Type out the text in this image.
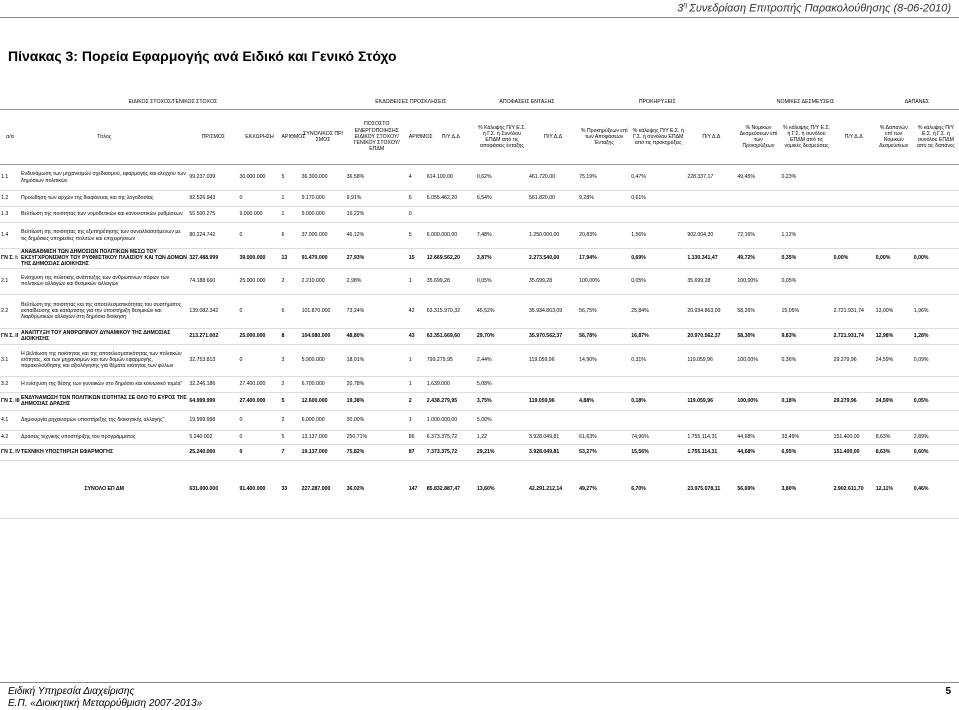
$3^\eta$ Συνεδρίαση Επιτροπής Παρακολούθησης (8-06-2010)
Πίνακας 3: Πορεία Εφαρμογής ανά Ειδικό και Γενικό Στόχο
ΕΙΔΙΚΟΣ ΣΤΟΧΟΣ/ΓΕΝΙΚΟΣ ΣΤΟΧΟΣ						ΕΚΔΟΘΕΙΣΕΣ ΠΡΟΣΚΛΗΣΕΙΣ			ΑΠΟΦΑΣΕΙΣ ΕΝΤΑΞΗΣ		ΠΡΟΚΗΡΥΞΕΙΣ			ΝΟΜΙΚΕΣ ΔΕΣΜΕΥΣΕΙΣ			ΔΑΠΑΝΕΣ	
α/α	Τίτλος	ΠΡ/ΣΜΟΣ	ΕΚΧΩΡΗΣΗ	ΑΡΙΘΜΟΣ	ΣΥΝΟΛΙΚΟΣ ΠΡ/ΣΜΟΣ	ΠΟΣΟΣΤΟ ΕΝΕΡΓΟΠΟΙΗΣΗΣ ΕΙΔΙΚΟΥ ΣΤΟΧΟΥ/ΓΕΝΙΚΟΥ ΣΤΟΧΟΥ/ΕΠΔΜ	ΑΡΙΘΜΟΣ	Π/Υ Δ.Δ	% Κάλυψης Π/Υ Ε.Σ. ή Γ.Σ. ή Συνόλου ΕΠΔΜ από τις αποφάσεις ένταξης	Π/Υ Δ.Δ	% Προκηρύξεων επί των Αποφάσεων Ένταξης	% κάλυψης Π/Υ Ε.Σ. ή Γ.Σ. ή συνόλου ΕΠΔΜ από τις προκηρύξεις	Π/Υ Δ.Δ	% Νομικών Δεσμεύσεων επί των Προκηρύξεων	% κάλυψης Π/Υ Ε.Σ. ή Γ.Σ. ή συνόλου ΕΠΔΜ από τις νομικές δεσμεύσεις	Π/Υ Δ.Δ	% Δαπανών επί των Νομικών Δεσμεύσεων	% κάλυψης Π/Υ Ε.Σ. ή Γ.Σ. ή συνόλου ΕΠΔΜ από τις δαπάνες
1.1	Ενδυνάμωση των μηχανισμών σχεδιασμού, εφαρμογής και ελέγχου των δημόσιων πολιτικών	99.237.039	30.000.000	5	36.300.000	36,58%	4	614.100,00	0,62%	461.720,00	75,19%	0,47%	228.337,17	49,45%	0,23%			
1.2	Προώθηση των αρχών της διαφάνειας και της λογοδοσίας	92.526.943	0	1	9.170.000	9,91%	6	6.055.462,20	6,54%	561.820,00	9,28%	0,61%						
1.3	Βελτίωση της ποιότητας των νομοθετικών και κανονιστικών ρυθμίσεων	55.500.275	9.000.000	1	9.000.000	16,22%	0											
1.4	Βελτίωση της ποιότητας της εξυπηρέτησης των συναλλασσόμενων με τις δημόσιες υπηρεσίες πολιτών και επιχειρήσεων	80.224.742	0	6	37.000.000	46,12%	5	6.000.000,00	7,48%	1.250.000,00	20,83%	1,56%	902.004,30	72,16%	1,12%			
ΓΝ Σ. Ι:	ΑΝΑΒΑΘΜΙΣΗ ΤΩΝ ΔΗΜΟΣΙΩΝ ΠΟΛΙΤΙΚΩΝ ΜΕΣΩ ΤΟΥ ΕΚΣΥΓΧΡΟΝΙΣΜΟΥ ΤΟΥ ΡΥΘΜΙΣΤΙΚΟΥ ΠΛΑΙΣΙΟΥ ΚΑΙ ΤΩΝ ΔΟΜΩΝ ΤΗΣ ΔΗΜΟΣΙΑΣ ΔΙΟΙΚΗΣΗΣ	327.488.999	39.000.000	13	91.470.000	27,93%	15	12.669.562,20	3,87%	2.273.540,00	17,94%	0,69%	1.130.341,47	49,72%	0,35%	0,00%	0,00%	0,00%
2.1	Ενίσχυση της πολιτικής ανάπτυξης των ανθρώπινων πόρων των πολιτικών αλλαγών και θεσμικών αλλαγών	74.188.660	25.000.000	2	2.210.000	2,98%	1	35.699,28	0,05%	35.699,28	100,00%	0,05%	35.699,28	100,00%	0,05%			
2.2	Βελτίωση της ποιότητας και της αποτελεσματικότητας του συστήματος εκπαίδευσης και κατάρτισης για την υποστήριξη θεσμικών και διαρθρωτικών αλλαγών στη δημόσια διοίκηση	139.082.342	0	6	101.870.000	73,24%	42	63.315.970,32	45,52%	35.934.863,09	56,75%	25,84%	20.934.863,09	58,26%	15,05%	2.721.931,74	13,00%	1,96%
ΓΝ Σ. ΙΙ	ΑΝΑΠΤΥΞΗ ΤΟΥ ΑΝΘΡΩΠΙΝΟΥ ΔΥΝΑΜΙΚΟΥ ΤΗΣ ΔΗΜΟΣΙΑΣ ΔΙΟΙΚΗΣΗΣ	213.271.002	25.000.000	8	104.080.000	48,80%	43	63.351.669,60	29,70%	35.970.562,37	56,78%	16,87%	20.970.562,37	58,30%	9,83%	2.721.931,74	12,98%	1,28%
3.1	Η βελτίωση της ποιότητας και της αποτελεσματικότητας των πολιτικών ισότητας, και των μηχανισμών και των δομών εφαρμογής, παρακολούθησης και αξιολόγησης για θέματα ισότητας των φύλων	32.753.813	0	3	5.900.000	18,01%	1	799.279,95	2,44%	119.059,96	14,90%	0,31%	119.059,96	100,00%	0,36%	29.279,96	24,59%	0,09%
3.2	Η ενίσχυση της θέσης των γυναικών στο δημόσιο και κοινωνικό τομέα"	32.246.186	27.400.000	2	6.700.000	20,78%	1	1.639.000	5,08%									
ΓΝ Σ. ΙΙΙ	ΕΝΔΥΝΑΜΩΣΗ ΤΩΝ ΠΟΛΙΤΙΚΩΝ ΙΣΟΤΗΤΑΣ ΣΕ ΟΛΟ ΤΟ ΕΥΡΟΣ ΤΗΣ ΔΗΜΟΣΙΑΣ ΔΡΑΣΗΣ	64.999.999	27.400.000	5	12.600.000	19,38%	2	2.438.279,95	3,75%	119.059,96	4,88%	0,18%	119.059,96	100,00%	0,18%	29.279,96	24,59%	0,05%
4.1	Δημιουργία μηχανισμών υποστήριξης της διοικητικής αλλαγής"	19.999.998	0	2	6.000.000	30,00%	1	1.000.000,00	5,00%									
4.2	Δράσεις τεχνικής υποστήριξης του προγράμματος	5.240.002	0	5	13.137.000	250,71%	86	6.373.375,72	1,22	3.928.049,81	61,63%	74,96%	1.755.114,31	44,68%	33,49%	151.400,00	8,63%	2,89%
ΓΝ Σ. ΙV	ΤΕΧΝΙΚΗ ΥΠΟΣΤΗΡΙΞΗ ΕΦΑΡΜΟΓΗΣ	25.240.000	0	7	19.137.000	75,82%	87	7.373.375,72	29,21%	3.928.049,81	53,27%	15,56%	1.755.114,31	44,68%	6,95%	151.400,00	8,63%	0,60%
	ΣΥΝΟΛΟ ΕΠ ΔΜ	631.000.000	91.400.000	33	227.287.000	36,02%	147	85.832.887,47	13,60%	42.291.212,14	49,27%	6,70%	23.975.078,11	56,69%	3,80%	2.902.611,70	12,11%	0,46%
Ειδική Υπηρεσία Διαχείρισης
Ε.Π. «Διοικητική Μεταρρύθμιση 2007-2013»
5
